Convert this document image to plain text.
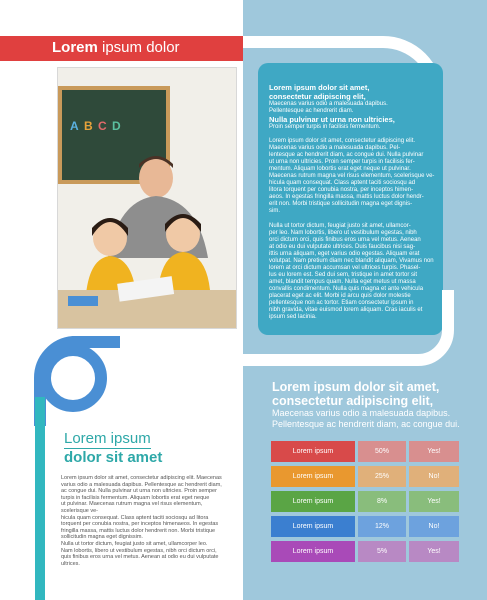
Lorem ipsum dolor sit amet,
consectetur adipiscing elit,
Maecenas varius odio a malesuada dapibus.
Pellentesque ac hendrerit diam.
Nulla pulvinar ut urna non ultricies,
Proin semper turpis in facilisis fermentum.
Lorem ipsum dolor sit amet, consectetur adipiscing elit.
Maecenas varius odio a malesuada dapibus. Pel-
lentesque ac hendrerit diam, ac congue dui. Nulla pulvinar
ut urna non ultricies. Proin semper turpis in facilisis fer-
mentum. Aliquam lobortis erat eget neque ut pulvinar.
Maecenas rutrum magna vel risus elementum, scelerisque ve-
hicula quam consequat. Class aptent taciti sociosqu ad
litora torquent per conubia nostra, per inceptos himen-
aeos. In egestas fringilla massa, mattis luctus dolor hendr-
erit non. Morbi tristique sollicitudin magna eget dignis-
sim.
Nulla ut tortor dictum, feugiat justo sit amet, ullamcor-
per leo. Nam lobortis, libero ut vestibulum egestas, nibh
orci dictum orci, quis finibus eros urna vel metus. Aenean
at odio eu dui vulputate ultrices. Duis faucibus nisi sag-
ittis urna aliquam, eget varius odio egestas. Aliquam erat
volutpat. Nam pretium diam nec blandit aliquam, Vivamus non
lorem at orci dictum accumsan vel ultrices turpis. Phasel-
lus eu lorem est. Sed dui sem, tristique in amet tortor sit
amet, blandit tempus quam. Nulla eget metus ut massa
convallis condimentum. Nulla quis magna et ante vehicula
placerat eget ac elit. Morbi id arcu quis dolor molestie
pellentesque non ac tortor. Etiam consectetur ipsum in
nibh gravida, vitae euismod lorem aliquam. Cras iaculis et
ipsum sed lacinia.
Lorem ipsum dolor
A B C D
Lorem ipsum dolor sit amet,
consectetur adipiscing elit,
Maecenas varius odio a malesuada dapibus.
Pellentesque ac hendrerit diam, ac congue dui.
Lorem ipsum	50%	Yes!
Lorem ipsum	25%	No!
Lorem ipsum	8%	Yes!
Lorem ipsum	12%	No!
Lorem ipsum	5%	Yes!
Lorem ipsum
dolor sit amet
Lorem ipsum dolor sit amet, consectetur adipiscing elit. Maecenas
varius odio a malesuada dapibus. Pellentesque ac hendrerit diam,
ac congue dui. Nulla pulvinar ut urna non ultricies. Proin semper
turpis in facilisis fermentum. Aliquam lobortis erat eget neque
ut pulvinar. Maecenas rutrum magna vel risus elementum, scelerisque ve-
hicula quam consequat. Class aptent taciti sociosqu ad litora
torquent per conubia nostra, per inceptos himenaeos. In egestas
fringilla massa, mattis luctus dolor hendrerit non. Morbi tristique
sollicitudin magna eget dignissim.
Nulla ut tortor dictum, feugiat justo sit amet, ullamcorper leo.
Nam lobortis, libero ut vestibulum egestas, nibh orci dictum orci,
quis finibus eros urna vel metus. Aenean at odio eu dui vulputate
ultrices.
